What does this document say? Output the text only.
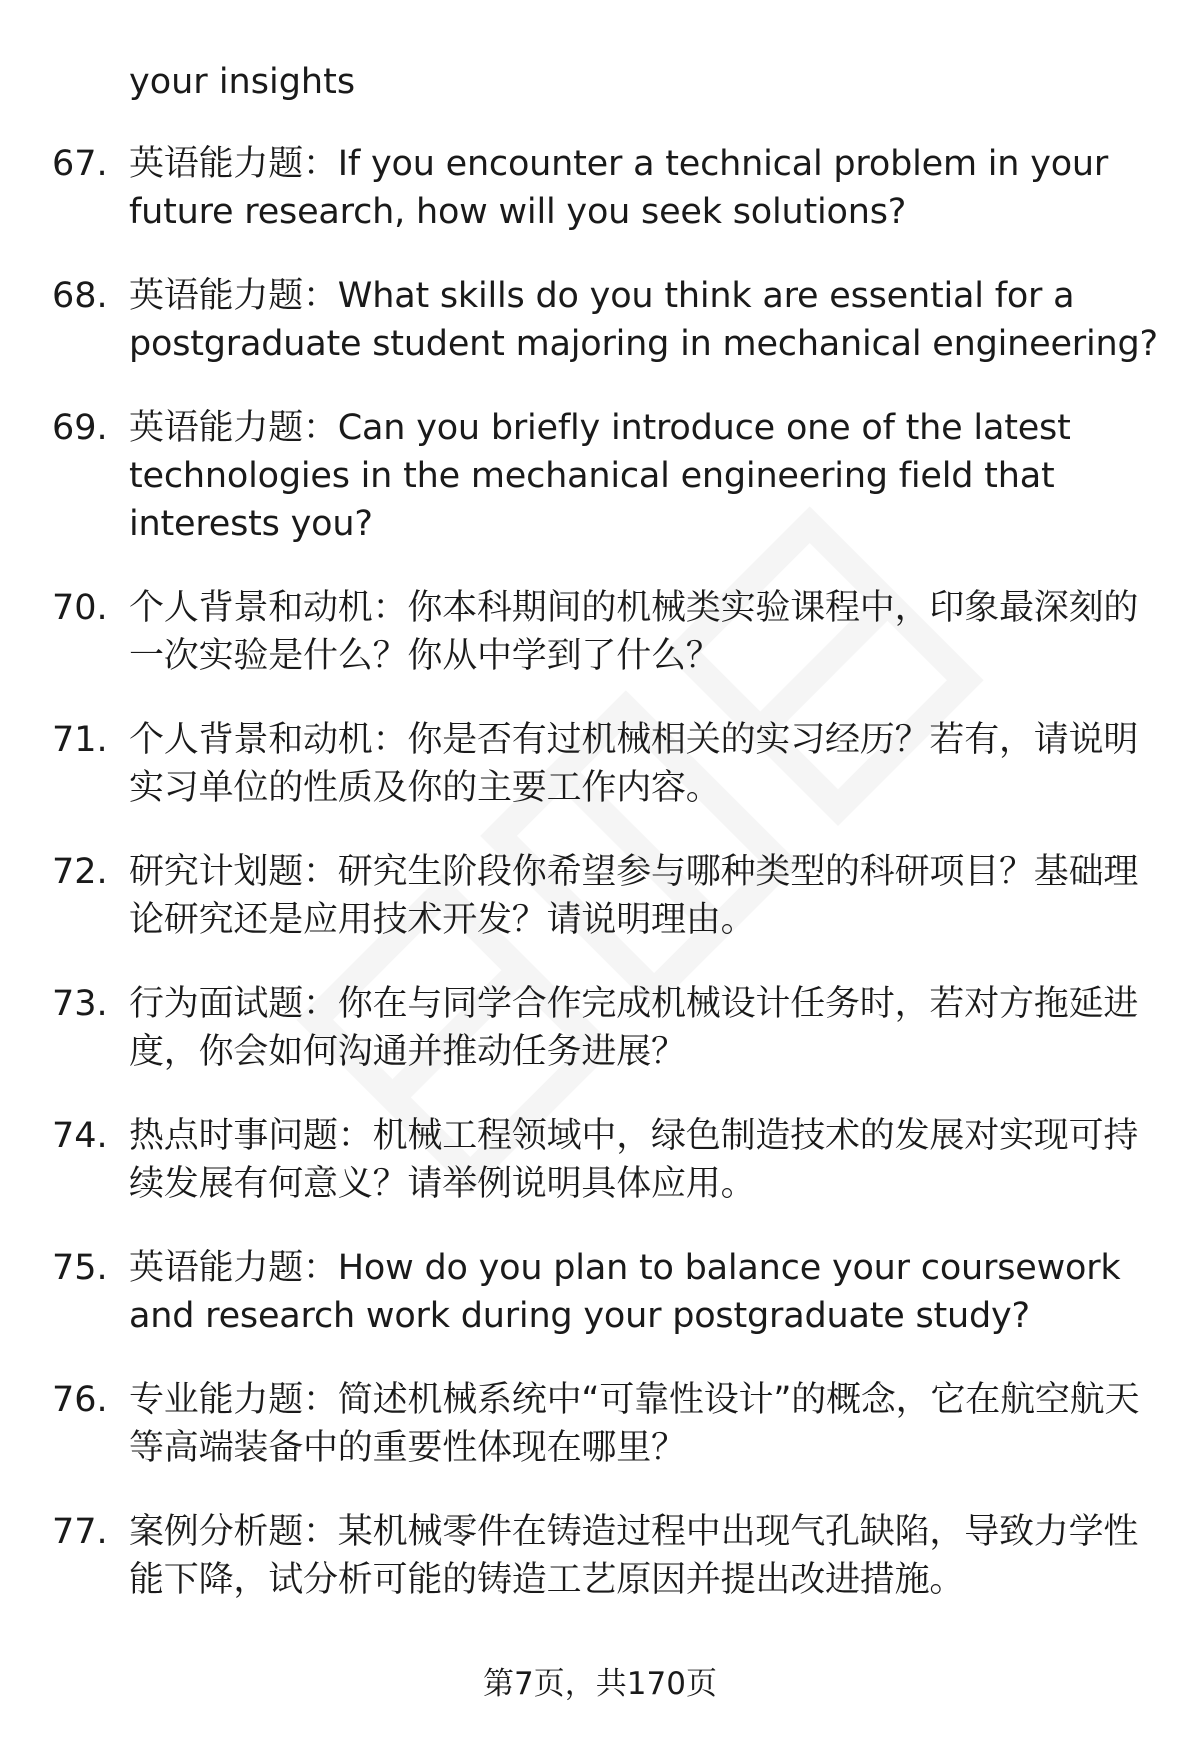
your insights
67. 英语能力题：If you encounter a technical problem in your future research, how will you seek solutions?
68. 英语能力题：What skills do you think are essential for a postgraduate student majoring in mechanical engineering?
69. 英语能力题：Can you briefly introduce one of the latest technologies in the mechanical engineering field that interests you?
70. 个人背景和动机：你本科期间的机械类实验课程中，印象最深刻的一次实验是什么？你从中学到了什么？
71. 个人背景和动机：你是否有过机械相关的实习经历？若有，请说明实习单位的性质及你的主要工作内容。
72. 研究计划题：研究生阶段你希望参与哪种类型的科研项目？基础理论研究还是应用技术开发？请说明理由。
73. 行为面试题：你在与同学合作完成机械设计任务时，若对方拖延进度，你会如何沟通并推动任务进展？
74. 热点时事问题：机械工程领域中，绿色制造技术的发展对实现可持续发展有何意义？请举例说明具体应用。
75. 英语能力题：How do you plan to balance your coursework and research work during your postgraduate study?
76. 专业能力题：简述机械系统中“可靠性设计”的概念，它在航空航天等高端装备中的重要性体现在哪里？
77. 案例分析题：某机械零件在铸造过程中出现气孔缺陷，导致力学性能下降，试分析可能的铸造工艺原因并提出改进措施。
第7页，共170页
